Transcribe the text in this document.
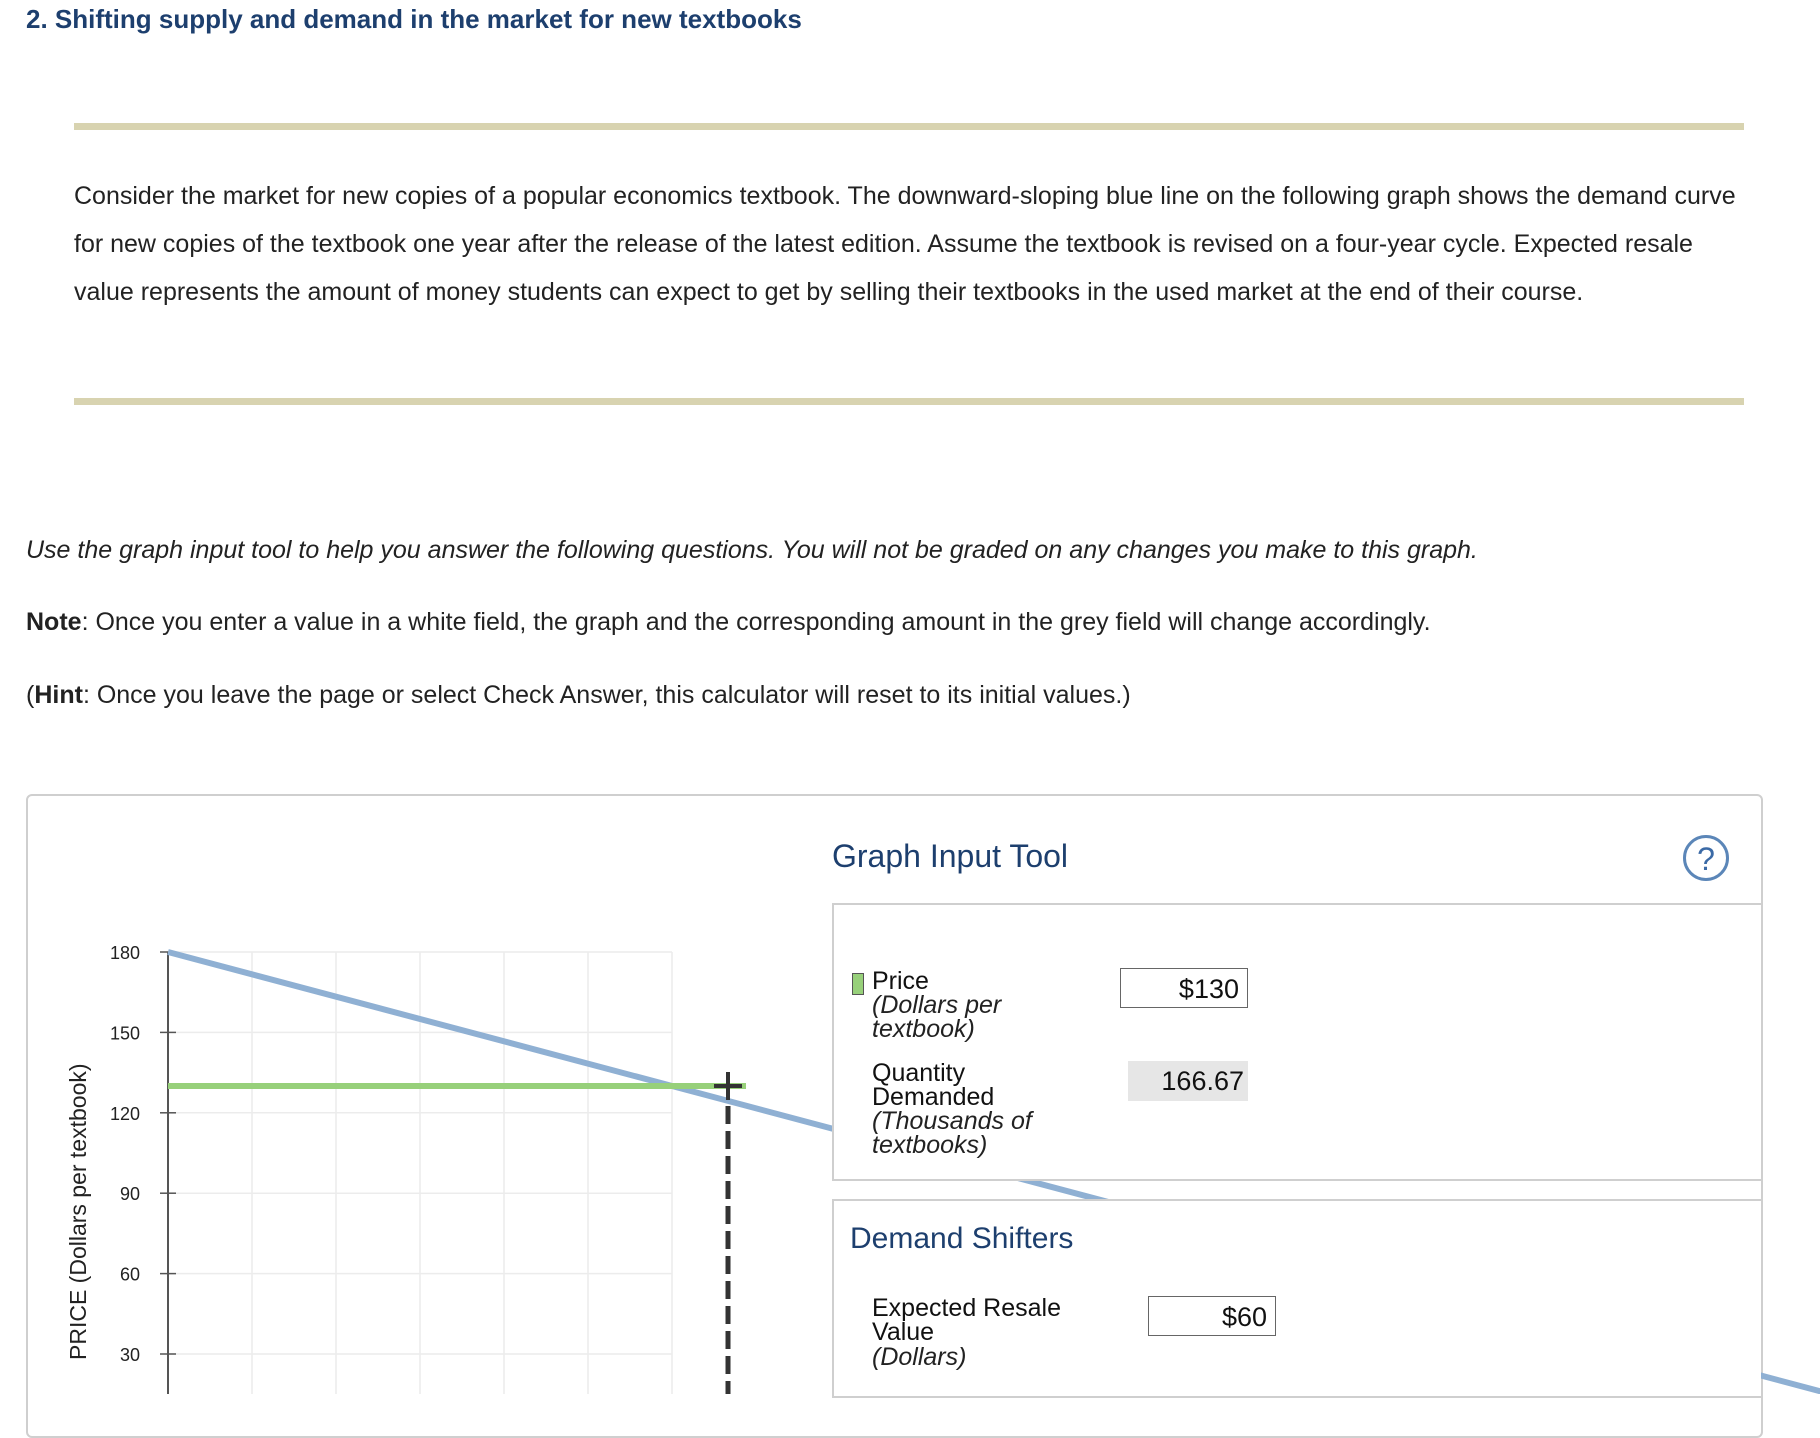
2. Shifting supply and demand in the market for new textbooks
Consider the market for new copies of a popular economics textbook. The downward-sloping blue line on the following graph shows the demand curve for new copies of the textbook one year after the release of the latest edition. Assume the textbook is revised on a four-year cycle. Expected resale value represents the amount of money students can expect to get by selling their textbooks in the used market at the end of their course.
Use the graph input tool to help you answer the following questions. You will not be graded on any changes you make to this graph.
Note: Once you enter a value in a white field, the graph and the corresponding amount in the grey field will change accordingly.
(Hint: Once you leave the page or select Check Answer, this calculator will reset to its initial values.)
30
60
90
120
150
180
PRICE (Dollars per textbook)
Graph Input Tool	?
Price
(Dollars per
textbook)
$130
Quantity
Demanded
(Thousands of
textbooks)
166.67
Demand Shifters
Expected Resale
Value
(Dollars)
$60
